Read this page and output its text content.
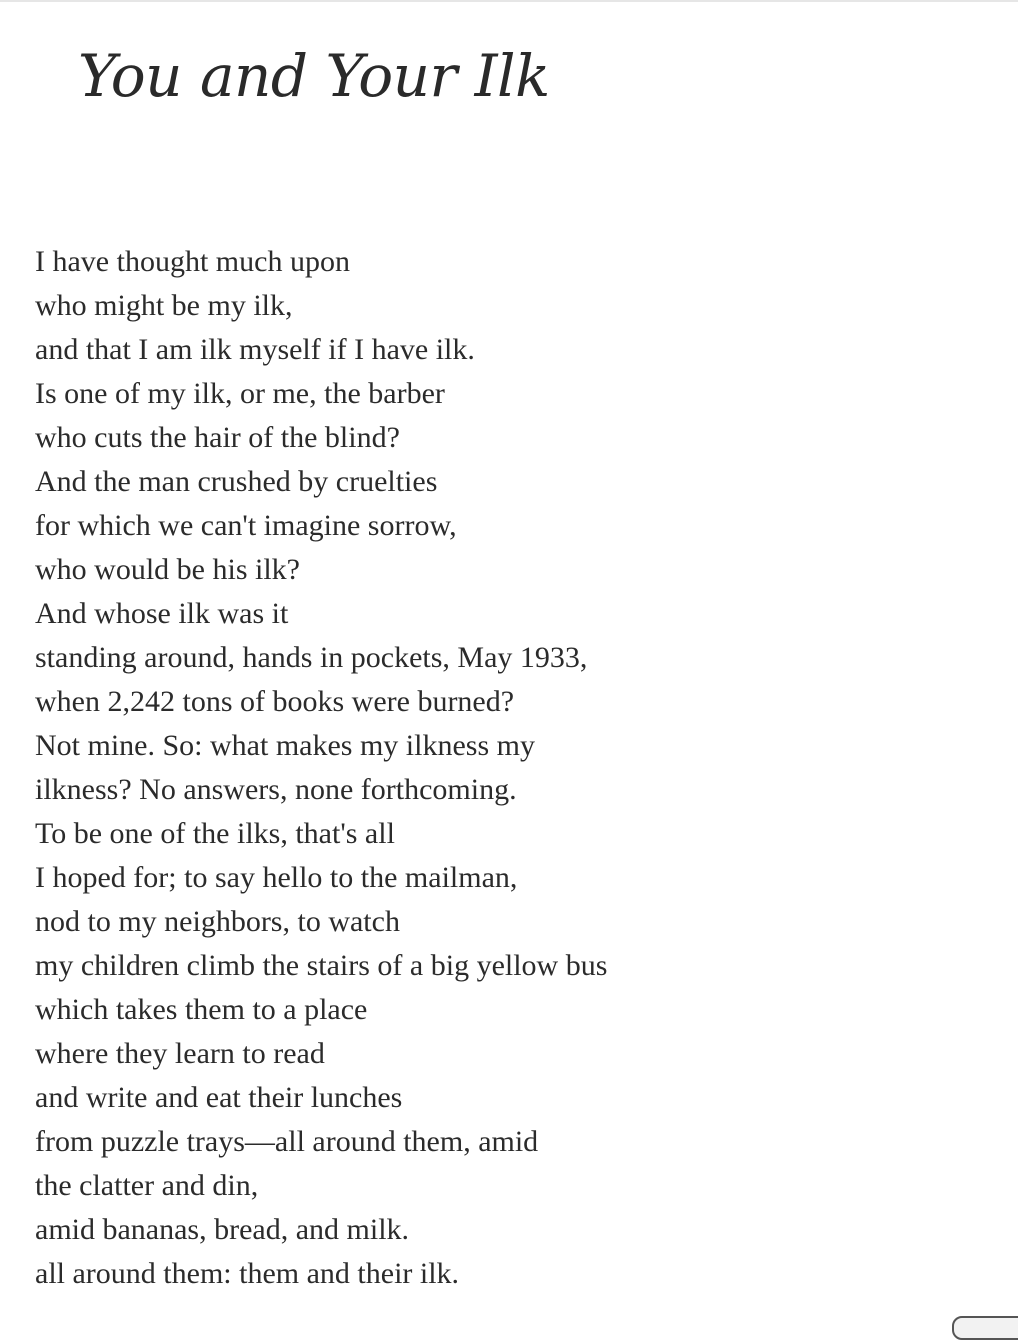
You and Your Ilk
I have thought much upon
who might be my ilk,
and that I am ilk myself if I have ilk.
Is one of my ilk, or me, the barber
who cuts the hair of the blind?
And the man crushed by cruelties
for which we can't imagine sorrow,
who would be his ilk?
And whose ilk was it
standing around, hands in pockets, May 1933,
when 2,242 tons of books were burned?
Not mine. So: what makes my ilkness my
ilkness? No answers, none forthcoming.
To be one of the ilks, that's all
I hoped for; to say hello to the mailman,
nod to my neighbors, to watch
my children climb the stairs of a big yellow bus
which takes them to a place
where they learn to read
and write and eat their lunches
from puzzle trays—all around them, amid
the clatter and din,
amid bananas, bread, and milk.
all around them: them and their ilk.
